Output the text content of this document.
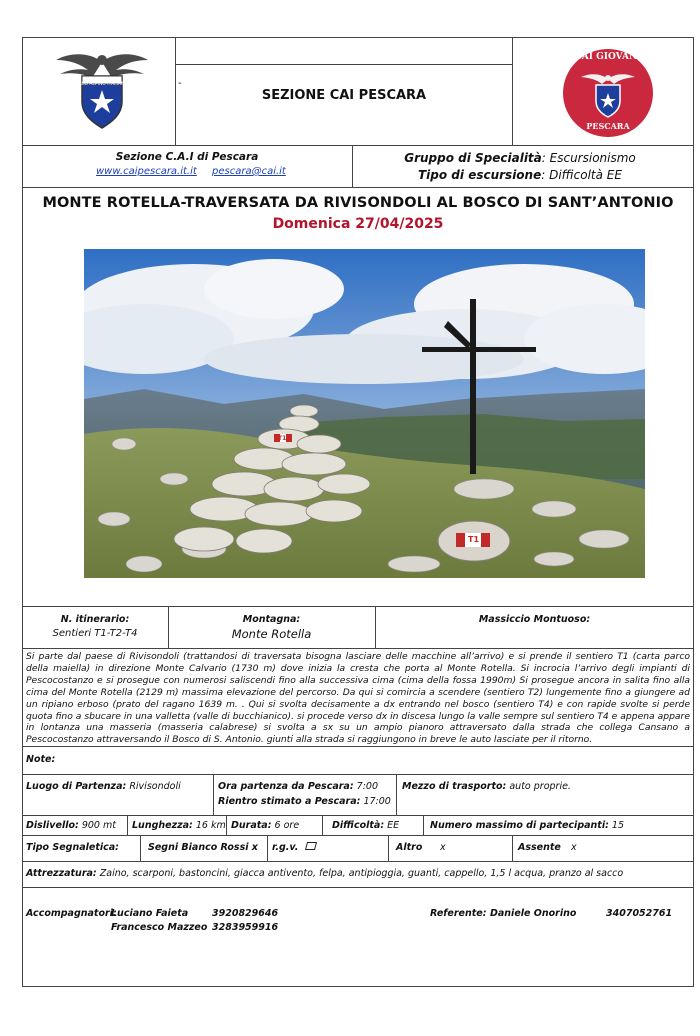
CLUB ALPINO ITALIANO	-
SEZIONE CAI PESCARA
CAI GIOVANI
PESCARA
Sezione C.A.I di Pescara
www.caipescara.it.it pescara@cai.it
Gruppo di Specialità: Escursionismo
Tipo di escursione: Difficoltà EE
MONTE ROTELLA-TRAVERSATA DA RIVISONDOLI AL BOSCO DI SANT’ANTONIO
Domenica 27/04/2025
T1
T1
N. itinerario:
Sentieri T1-T2-T4
Montagna:
Monte Rotella
Massiccio Montuoso:
Si parte dal paese di Rivisondoli (trattandosi di traversata bisogna lasciare delle macchine all’arrivo) e si prende il sentiero T1 (carta parco della maiella) in direzione Monte Calvario (1730 m) dove inizia la cresta che porta al Monte Rotella. Si incrocia l’arrivo degli impianti di Pescocostanzo e si prosegue con numerosi saliscendi fino alla successiva cima (cima della fossa 1990m) Si prosegue ancora in salita fino alla cima del Monte Rotella (2129 m) massima elevazione del percorso. Da qui si comircia a scendere (sentiero T2) lungemente fino a giungere ad un ripiano erboso (prato del ragano 1639 m. . Qui si svolta decisamente a dx entrando nel bosco (sentiero T4) e con rapide svolte si perde quota fino a sbucare in una valletta (valle di bucchianico). si procede verso dx in discesa lungo la valle sempre sul sentiero T4 e appena appare in lontanza una masseria (masseria calabrese) si svolta a sx su un ampio pianoro attraversato dalla strada che collega Cansano a Pescocostanzo attraversando il Bosco di S. Antonio. giunti alla strada si raggiungono in breve le auto lasciate per il ritorno.
Note:
Luogo di Partenza: Rivisondoli	Ora partenza da Pescara: 7:00
Rientro stimato a Pescara: 17:00
Mezzo di trasporto: auto proprie.
Dislivello: 900 mt Lunghezza: 16 km Durata: 6 ore	Difficoltà: EE	Numero massimo di partecipanti: 15
Tipo Segnaletica:	Segni Bianco Rossi x r.g.v.	Altro x	Assente x
Attrezzatura: Zaino, scarponi, bastoncini, giacca antivento, felpa, antipioggia, guanti, cappello, 1,5 l acqua, pranzo al sacco
Accompagnatori:
Luciano Faieta	3920829646
Francesco Mazzeo 3283959916
Referente: Daniele Onorino	3407052761
